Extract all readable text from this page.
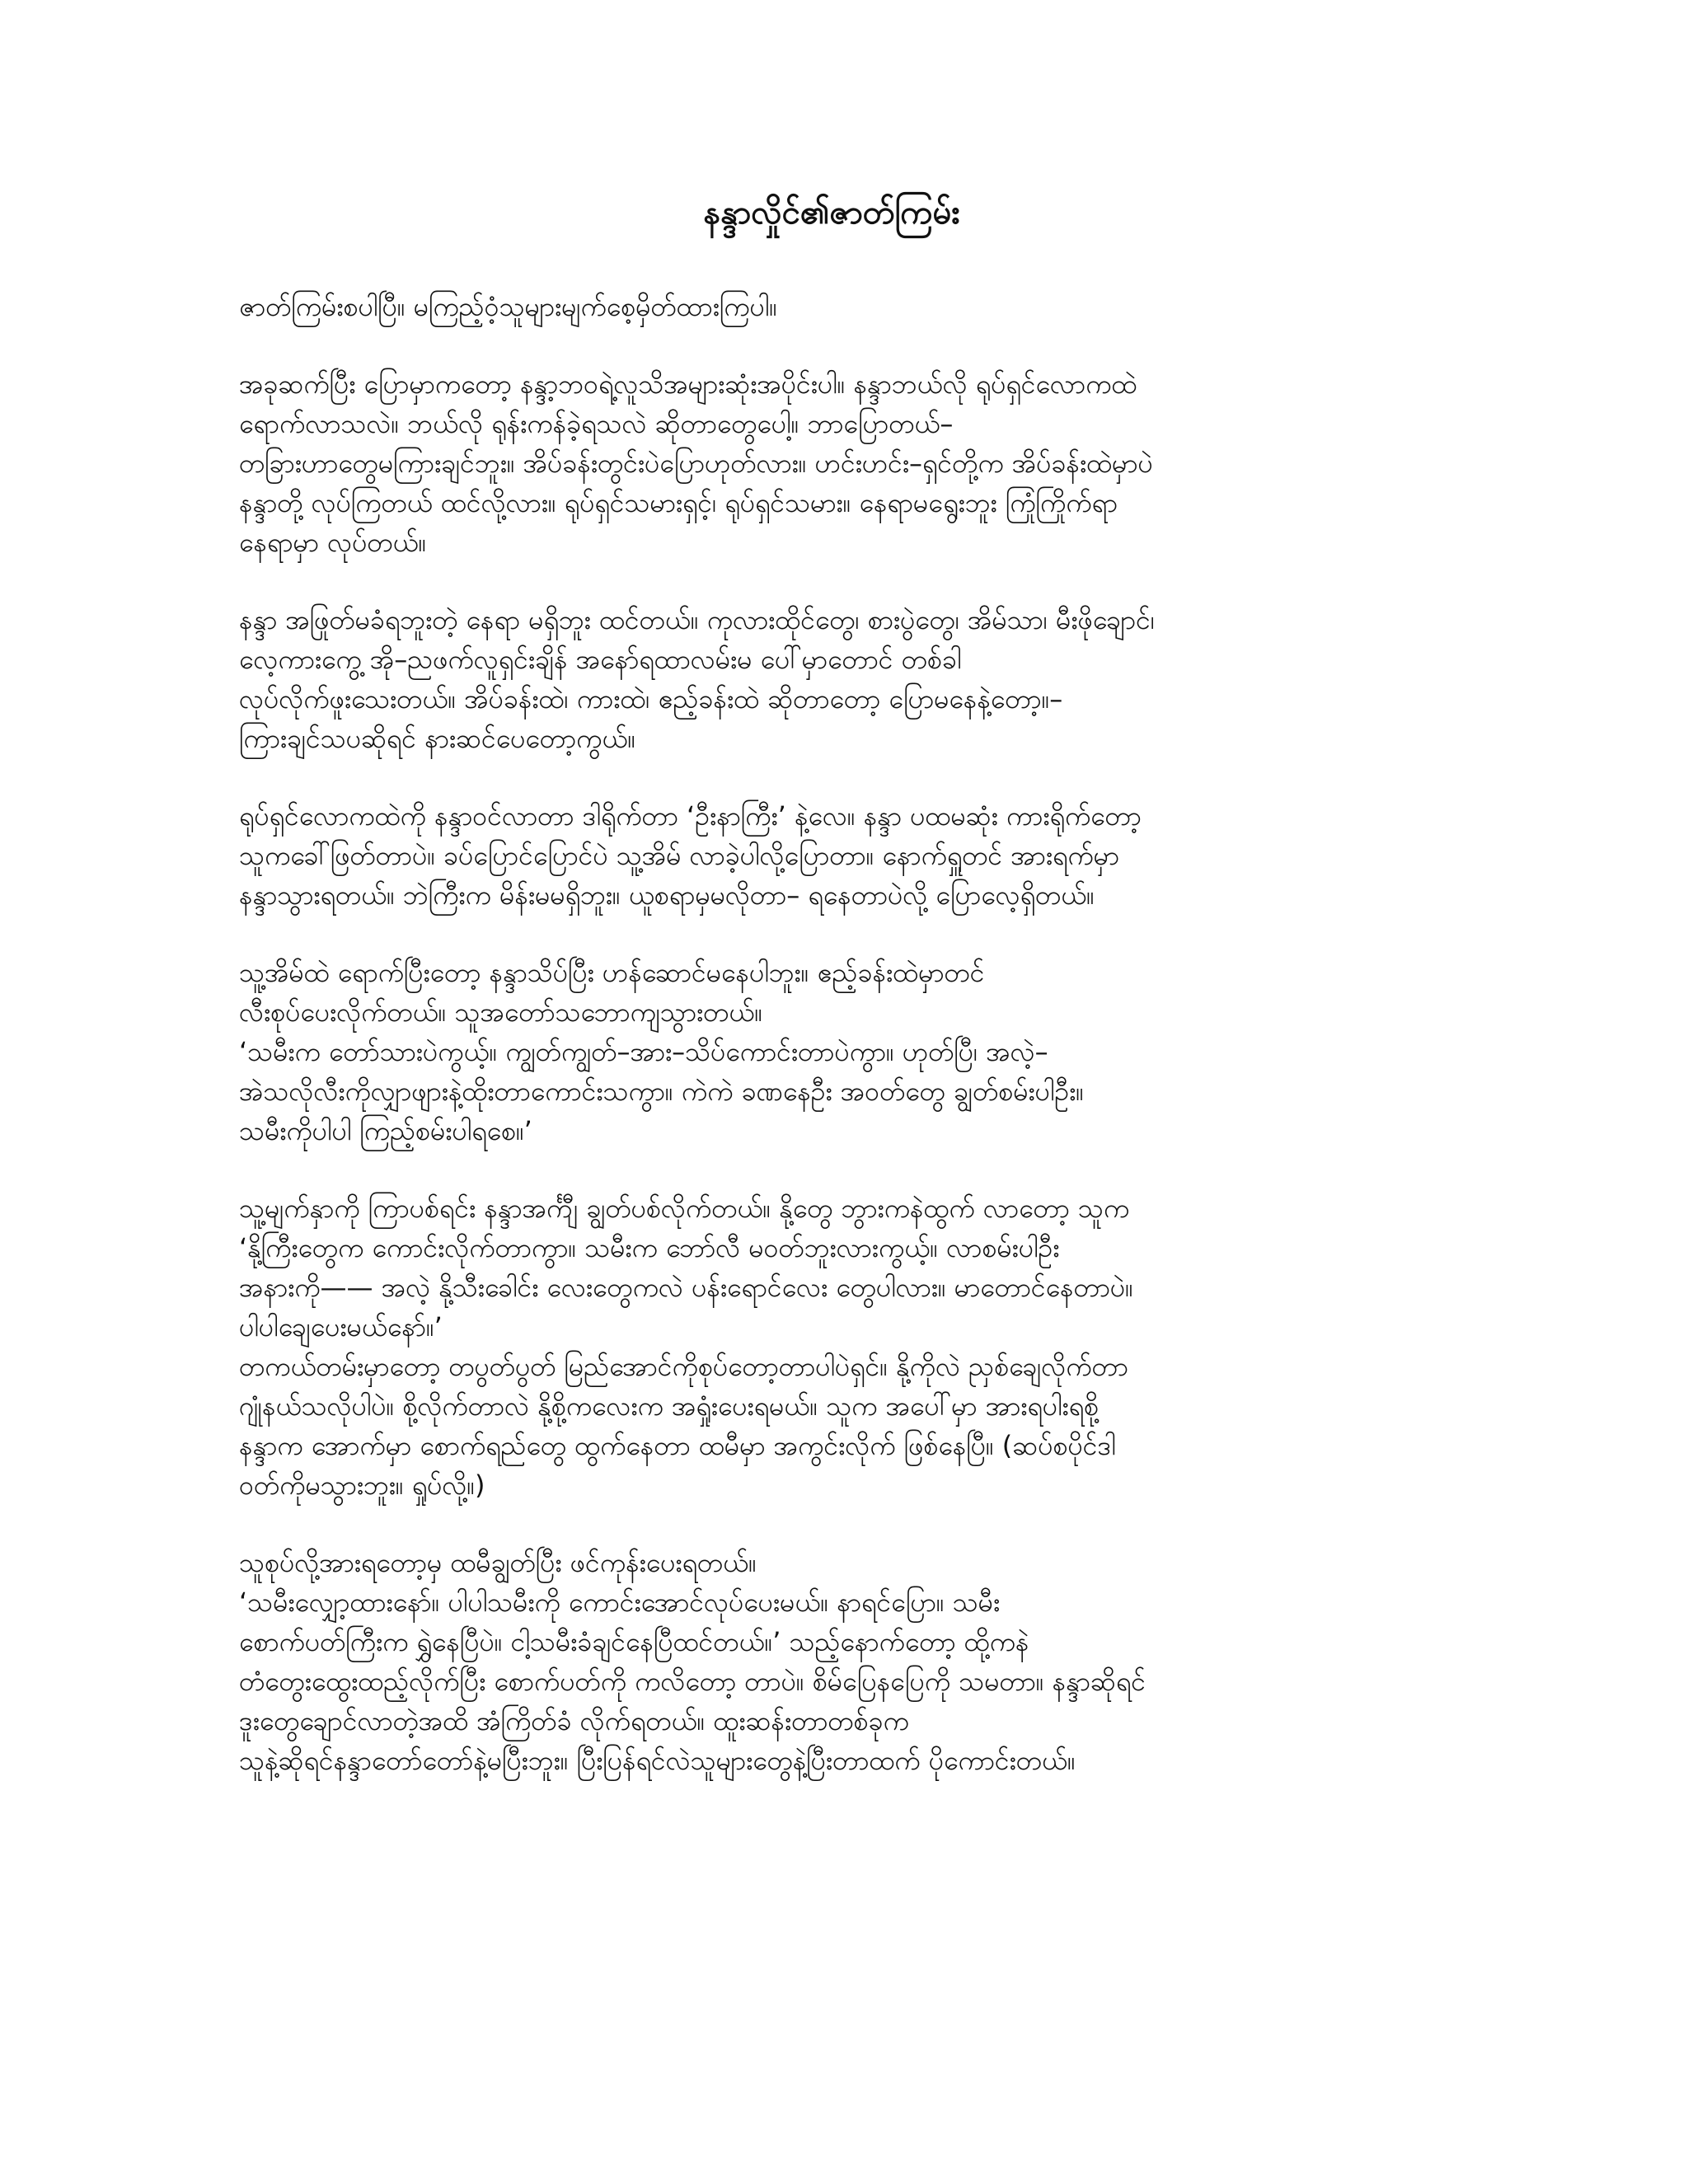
နန္ဒာလှိုင်၏ဇာတ်ကြမ်း
ဇာတ်ကြမ်းစပါပြီ။ မကြည့်ဝံ့သူများမျက်စေ့မှိတ်ထားကြပါ။
အခုဆက်ပြီး ပြောမှာကတော့ နန္ဒာ့ဘဝရဲ့လူသိအများဆုံးအပိုင်းပါ။ နန္ဒာဘယ်လို ရုပ်ရှင်လောကထဲ
ရောက်လာသလဲ။ ဘယ်လို ရုန်းကန်ခဲ့ရသလဲ ဆိုတာတွေပေါ့။ ဘာပြောတယ်–
တခြားဟာတွေမကြားချင်ဘူး။ အိပ်ခန်းတွင်းပဲပြောဟုတ်လား။ ဟင်းဟင်း–ရှင်တို့က အိပ်ခန်းထဲမှာပဲ
နန္ဒာတို့ လုပ်ကြတယ် ထင်လို့လား။ ရုပ်ရှင်သမားရှင့်၊ ရုပ်ရှင်သမား။ နေရာမရွေးဘူး ကြုံကြိုက်ရာ
နေရာမှာ လုပ်တယ်။
နန္ဒာ အဖြုတ်မခံရဘူးတဲ့ နေရာ မရှိဘူး ထင်တယ်။ ကုလားထိုင်တွေ၊ စားပွဲတွေ၊ အိမ်သာ၊ မီးဖိုချောင်၊
လေ့ကားကွေ့ အို–ညဖက်လူရှင်းချိန် အနော်ရထာလမ်းမ ပေါ်မှာတောင် တစ်ခါ
လုပ်လိုက်ဖူးသေးတယ်။ အိပ်ခန်းထဲ၊ ကားထဲ၊ ဧည့်ခန်းထဲ ဆိုတာတော့ ပြောမနေနဲ့တော့။–
ကြားချင်သပဆိုရင် နားဆင်ပေတော့ကွယ်။
ရုပ်ရှင်လောကထဲကို နန္ဒာဝင်လာတာ ဒါရိုက်တာ ‘ဦးနာကြီး’ နဲ့လေ။ နန္ဒာ ပထမဆုံး ကားရိုက်တော့
သူကခေါ်ဖြတ်တာပဲ။ ခပ်ပြောင်ပြောင်ပဲ သူ့အိမ် လာခဲ့ပါလို့ပြောတာ။ နောက်ရှူတင် အားရက်မှာ
နန္ဒာသွားရတယ်။ ဘဲကြီးက မိန်းမမရှိဘူး။ ယူစရာမှမလိုတာ– ရနေတာပဲလို့ ပြောလေ့ရှိတယ်။
သူ့အိမ်ထဲ ရောက်ပြီးတော့ နန္ဒာသိပ်ပြီး ဟန်ဆောင်မနေပါဘူး။ ဧည့်ခန်းထဲမှာတင်
လီးစုပ်ပေးလိုက်တယ်။ သူအတော်သဘောကျသွားတယ်။
‘သမီးက တော်သားပဲကွယ့်။ ကျွတ်ကျွတ်–အား–သိပ်ကောင်းတာပဲကွာ။ ဟုတ်ပြီ၊ အလဲ့–
အဲသလိုလီးကိုလျှာဖျားနဲ့ထိုးတာကောင်းသကွာ။ ကဲကဲ ခဏနေဦး အဝတ်တွေ ချွတ်စမ်းပါဦး။
သမီးကိုပါပါ ကြည့်စမ်းပါရစေ။’
သူ့မျက်နှာကို ကြာပစ်ရင်း နန္ဒာအင်္ကျီ ချွတ်ပစ်လိုက်တယ်။ နို့တွေ ဘွားကနဲထွက် လာတော့ သူက
‘နို့ကြီးတွေက ကောင်းလိုက်တာကွာ။ သမီးက ဘော်လီ မဝတ်ဘူးလားကွယ့်။ လာစမ်းပါဦး
အနားကို—— အလဲ့ နို့သီးခေါင်း လေးတွေကလဲ ပန်းရောင်လေး တွေပါလား။ မာတောင်နေတာပဲ။
ပါပါချေပေးမယ်နော်။’
တကယ်တမ်းမှာတော့ တပွတ်ပွတ် မြည်အောင်ကိုစုပ်တော့တာပါပဲရှင်။ နို့ကိုလဲ ညှစ်ချေလိုက်တာ
ဂျုံနယ်သလိုပါပဲ။ စို့လိုက်တာလဲ နို့စို့ကလေးက အရှုံးပေးရမယ်။ သူက အပေါ်မှာ အားရပါးရစို့
နန္ဒာက အောက်မှာ စောက်ရည်တွေ ထွက်နေတာ ထမီမှာ အကွင်းလိုက် ဖြစ်နေပြီ။ (ဆပ်စပိုင်ဒါ
ဝတ်ကိုမသွားဘူး။ ရှုပ်လို့။)
သူစုပ်လို့အားရတော့မှ ထမီချွတ်ပြီး ဖင်ကုန်းပေးရတယ်။
‘သမီးလျှော့ထားနော်။ ပါပါသမီးကို ကောင်းအောင်လုပ်ပေးမယ်။ နာရင်ပြော။ သမီး
စောက်ပတ်ကြီးက ရွှဲနေပြီပဲ။ ငါ့သမီးခံချင်နေပြီထင်တယ်။’ သည့်နောက်တော့ ထို့ကနဲ
တံတွေးထွေးထည့်လိုက်ပြီး စောက်ပတ်ကို ကလိတော့ တာပဲ။ စိမ်ပြေနပြေကို သမတာ။ နန္ဒာဆိုရင်
ဒူးတွေချောင်လာတဲ့အထိ အံကြိတ်ခံ လိုက်ရတယ်။ ထူးဆန်းတာတစ်ခုက
သူနဲ့ဆိုရင်နန္ဒာတော်တော်နဲ့မပြီးဘူး။ ပြီးပြန်ရင်လဲသူများတွေနဲ့ပြီးတာထက် ပိုကောင်းတယ်။
